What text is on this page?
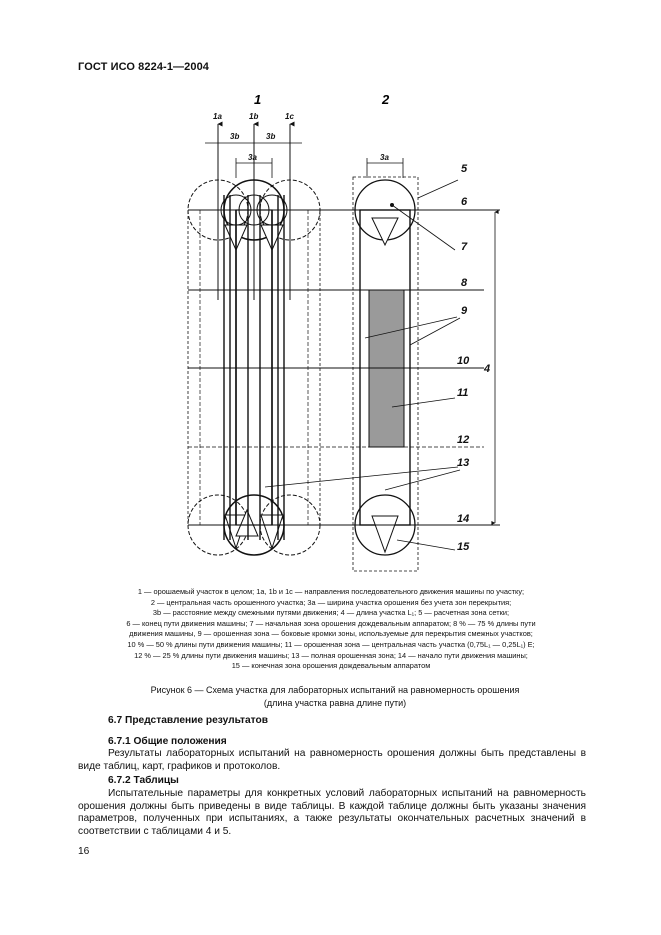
ГОСТ ИСО 8224-1—2004
1	2
1a	1b	1c
3b	3b
3a	3a
5
6
7
8
9
10
11
12
13
14
15
4
1 — орошаемый участок в целом; 1a, 1b и 1c — направления последовательного движения машины по участку;
2 — центральная часть орошенного участка; 3a — ширина участка орошения без учета зон перекрытия;
3b — расстояние между смежными путями движения; 4 — длина участка L₁; 5 — расчетная зона сетки;
6 — конец пути движения машины; 7 — начальная зона орошения дождевальным аппаратом; 8 % — 75 % длины пути
движения машины, 9 — орошенная зона — боковые кромки зоны, используемые для перекрытия смежных участков;
10 % — 50 % длины пути движения машины; 11 — орошенная зона — центральная часть участка (0,75L₁ — 0,25L₁) E;
12 % — 25 % длины пути движения машины; 13 — полная орошенная зона; 14 — начало пути движения машины;
15 — конечная зона орошения дождевальным аппаратом
Рисунок 6 — Схема участка для лабораторных испытаний на равномерность орошения
(длина участка равна длине пути)
6.7 Представление результатов
6.7.1 Общие положения
Результаты лабораторных испытаний на равномерность орошения должны быть представлены в виде таблиц, карт, графиков и протоколов.
6.7.2 Таблицы
Испытательные параметры для конкретных условий лабораторных испытаний на равномерность орошения должны быть приведены в виде таблицы. В каждой таблице должны быть указаны значения параметров, полученных при испытаниях, а также результаты окончательных расчетных значений в соответствии с таблицами 4 и 5.
16
